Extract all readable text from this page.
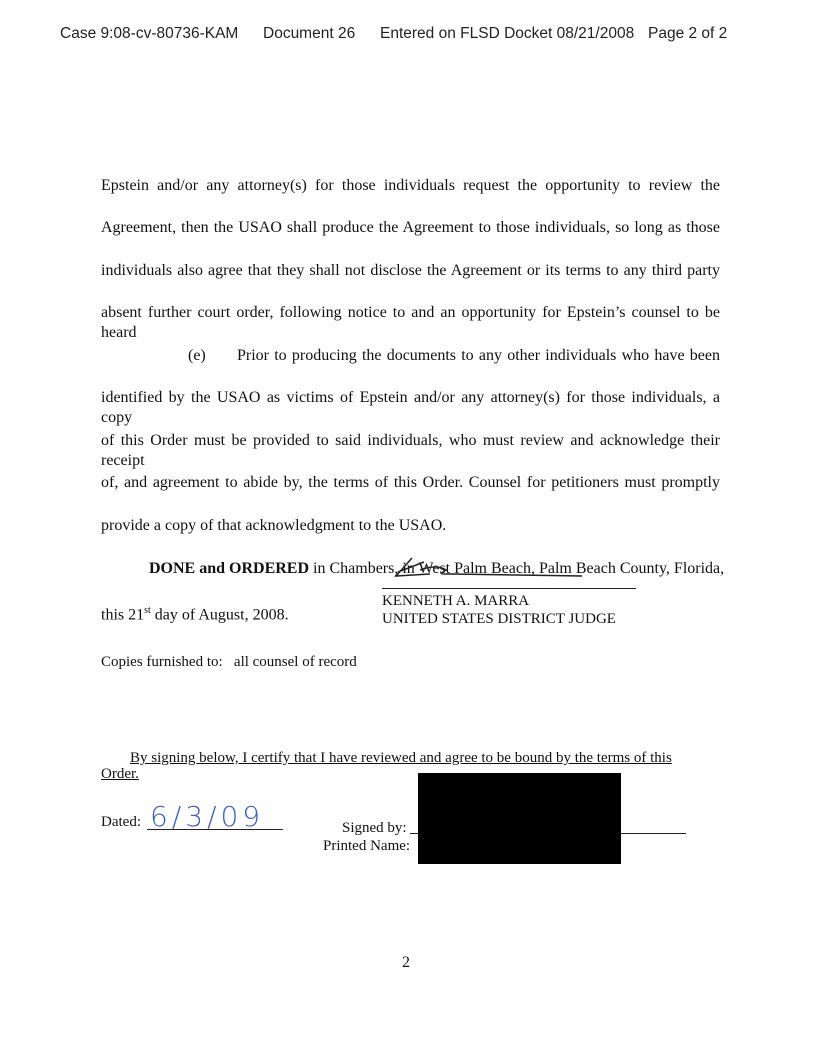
Case 9:08-cv-80736-KAM Document 26 Entered on FLSD Docket 08/21/2008 Page 2 of 2
Epstein and/or any attorney(s) for those individuals request the opportunity to review the
Agreement, then the USAO shall produce the Agreement to those individuals, so long as those
individuals also agree that they shall not disclose the Agreement or its terms to any third party
absent further court order, following notice to and an opportunity for Epstein’s counsel to be heard
(e) Prior to producing the documents to any other individuals who have been
identified by the USAO as victims of Epstein and/or any attorney(s) for those individuals, a copy
of this Order must be provided to said individuals, who must review and acknowledge their receipt
of, and agreement to abide by, the terms of this Order. Counsel for petitioners must promptly
provide a copy of that acknowledgment to the USAO.
DONE and ORDERED in Chambers, in West Palm Beach, Palm Beach County, Florida,
this 21st day of August, 2008.
KENNETH A. MARRA
UNITED STATES DISTRICT JUDGE
Copies furnished to:   all counsel of record
By signing below, I certify that I have reviewed and agree to be bound by the terms of this
Order.
Dated: 6/3/09	Signed by:
Printed Name:
2
